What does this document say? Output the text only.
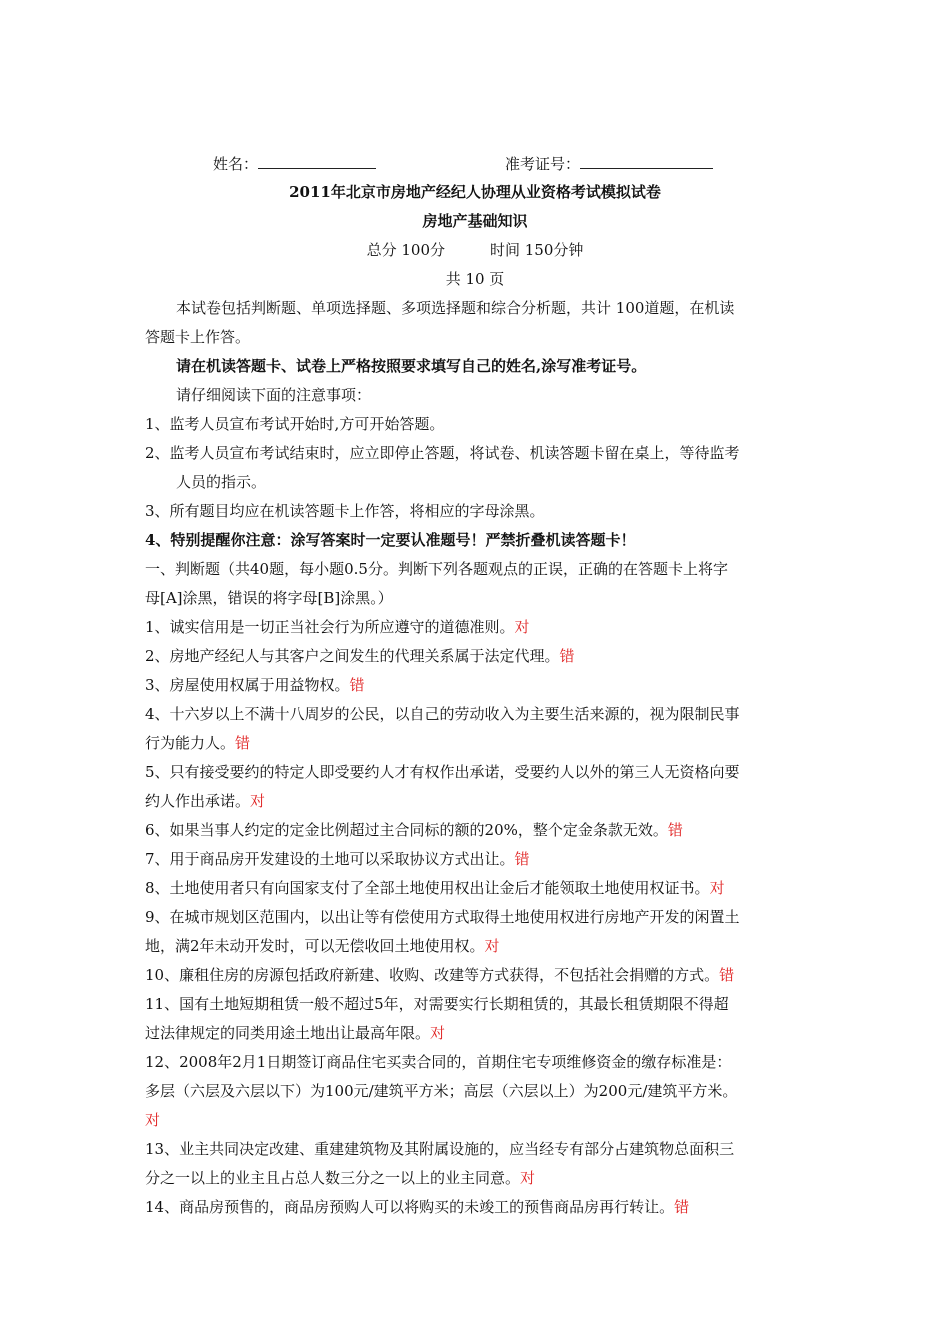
姓名：	准考证号：
2011年北京市房地产经纪人协理从业资格考试模拟试卷
房地产基础知识
总分 100分　　　时间 150分钟
共 10 页
本试卷包括判断题、单项选择题、多项选择题和综合分析题，共计 100道题，在机读
答题卡上作答。
请在机读答题卡、试卷上严格按照要求填写自己的姓名,涂写准考证号。
请仔细阅读下面的注意事项：
1、监考人员宣布考试开始时,方可开始答题。
2、监考人员宣布考试结束时，应立即停止答题，将试卷、机读答题卡留在桌上，等待监考
人员的指示。
3、所有题目均应在机读答题卡上作答，将相应的字母涂黑。
4、特别提醒你注意：涂写答案时一定要认准题号！严禁折叠机读答题卡！
一、判断题（共40题，每小题0.5分。判断下列各题观点的正误，正确的在答题卡上将字
母[A]涂黑，错误的将字母[B]涂黑。）
1、诚实信用是一切正当社会行为所应遵守的道德准则。对
2、房地产经纪人与其客户之间发生的代理关系属于法定代理。错
3、房屋使用权属于用益物权。错
4、十六岁以上不满十八周岁的公民，以自己的劳动收入为主要生活来源的，视为限制民事
行为能力人。错
5、只有接受要约的特定人即受要约人才有权作出承诺，受要约人以外的第三人无资格向要
约人作出承诺。对
6、如果当事人约定的定金比例超过主合同标的额的20%，整个定金条款无效。错
7、用于商品房开发建设的土地可以采取协议方式出让。错
8、土地使用者只有向国家支付了全部土地使用权出让金后才能领取土地使用权证书。对
9、在城市规划区范围内，以出让等有偿使用方式取得土地使用权进行房地产开发的闲置土
地，满2年未动开发时，可以无偿收回土地使用权。对
10、廉租住房的房源包括政府新建、收购、改建等方式获得，不包括社会捐赠的方式。错
11、国有土地短期租赁一般不超过5年，对需要实行长期租赁的，其最长租赁期限不得超
过法律规定的同类用途土地出让最高年限。对
12、2008年2月1日期签订商品住宅买卖合同的，首期住宅专项维修资金的缴存标准是：
多层（六层及六层以下）为100元/建筑平方米；高层（六层以上）为200元/建筑平方米。
对
13、业主共同决定改建、重建建筑物及其附属设施的，应当经专有部分占建筑物总面积三
分之一以上的业主且占总人数三分之一以上的业主同意。对
14、商品房预售的，商品房预购人可以将购买的未竣工的预售商品房再行转让。错
